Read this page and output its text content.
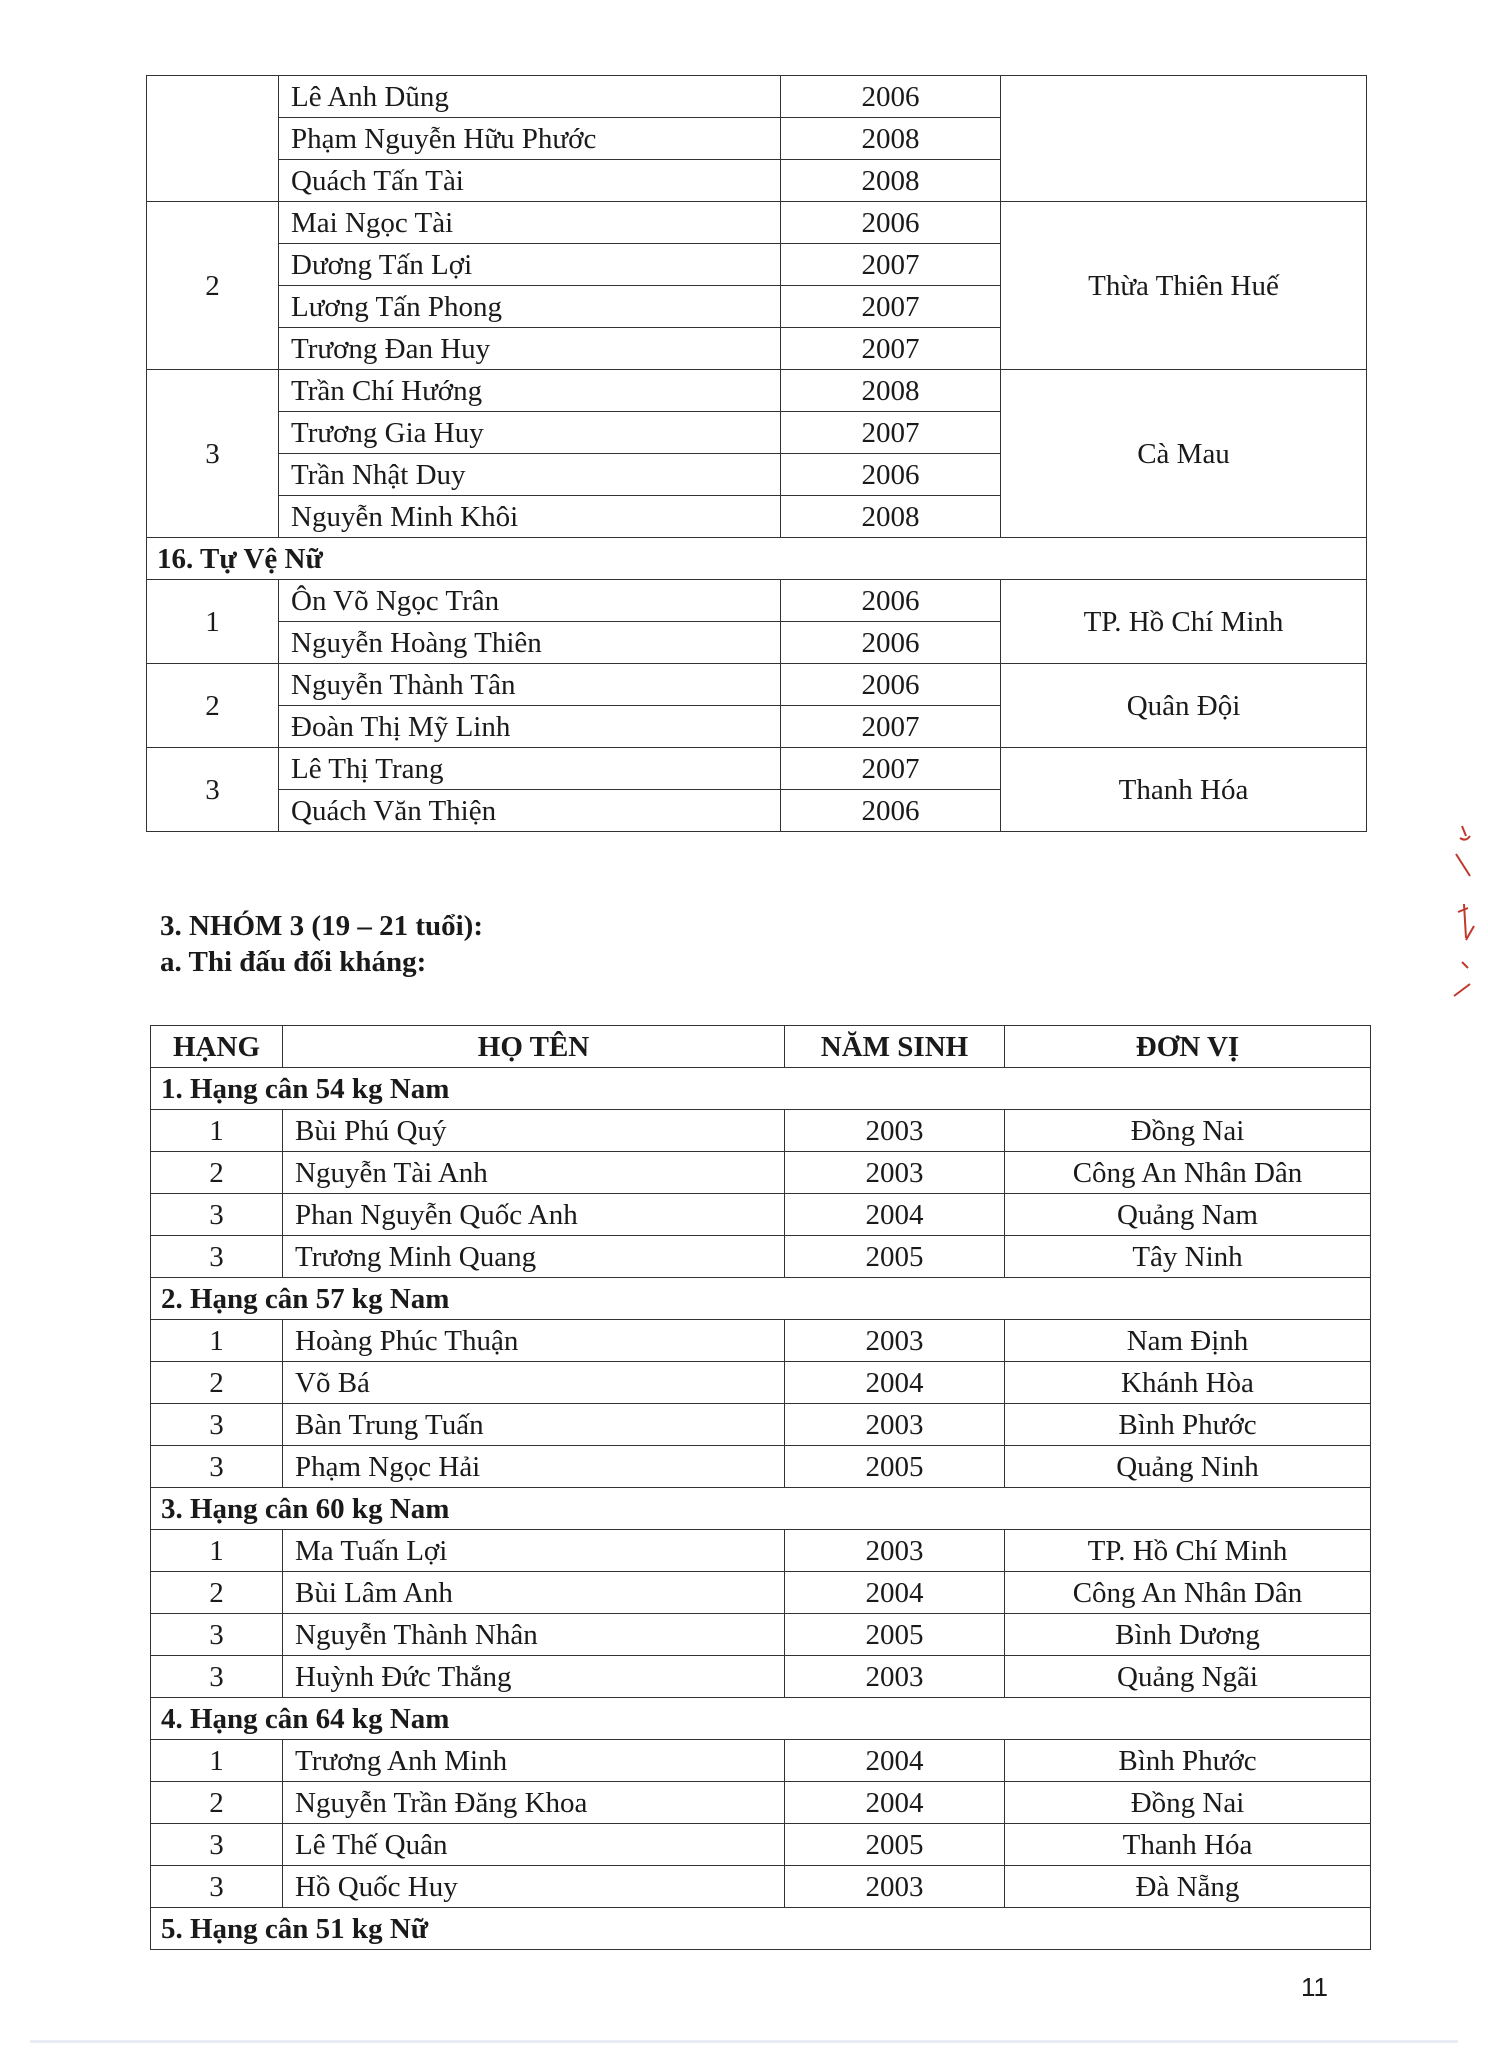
	Lê Anh Dũng	2006	
	Phạm Nguyễn Hữu Phước	2008	
	Quách Tấn Tài	2008	
2	Mai Ngọc Tài	2006	Thừa Thiên Huế
	Dương Tấn Lợi	2007	
	Lương Tấn Phong	2007	
	Trương Đan Huy	2007	
3	Trần Chí Hướng	2008	Cà Mau
	Trương Gia Huy	2007	
	Trần Nhật Duy	2006	
	Nguyễn Minh Khôi	2008	
16. Tự Vệ Nữ			
1	Ôn Võ Ngọc Trân	2006	TP. Hồ Chí Minh
	Nguyễn Hoàng Thiên	2006	
2	Nguyễn Thành Tân	2006	Quân Đội
	Đoàn Thị Mỹ Linh	2007	
3	Lê Thị Trang	2007	Thanh Hóa
	Quách Văn Thiện	2006	

3. NHÓM 3 (19 – 21 tuổi):

a. Thi đấu đối kháng:

HẠNG	HỌ TÊN	NĂM SINH	ĐƠN VỊ
1. Hạng cân 54 kg Nam			
1	Bùi Phú Quý	2003	Đồng Nai
2	Nguyễn Tài Anh	2003	Công An Nhân Dân
3	Phan Nguyễn Quốc Anh	2004	Quảng Nam
3	Trương Minh Quang	2005	Tây Ninh
2. Hạng cân 57 kg Nam			
1	Hoàng Phúc Thuận	2003	Nam Định
2	Võ Bá	2004	Khánh Hòa
3	Bàn Trung Tuấn	2003	Bình Phước
3	Phạm Ngọc Hải	2005	Quảng Ninh
3. Hạng cân 60 kg Nam			
1	Ma Tuấn Lợi	2003	TP. Hồ Chí Minh
2	Bùi Lâm Anh	2004	Công An Nhân Dân
3	Nguyễn Thành Nhân	2005	Bình Dương
3	Huỳnh Đức Thắng	2003	Quảng Ngãi
4. Hạng cân 64 kg Nam			
1	Trương Anh Minh	2004	Bình Phước
2	Nguyễn Trần Đăng Khoa	2004	Đồng Nai
3	Lê Thế Quân	2005	Thanh Hóa
3	Hồ Quốc Huy	2003	Đà Nẵng
5. Hạng cân 51 kg Nữ			
11
